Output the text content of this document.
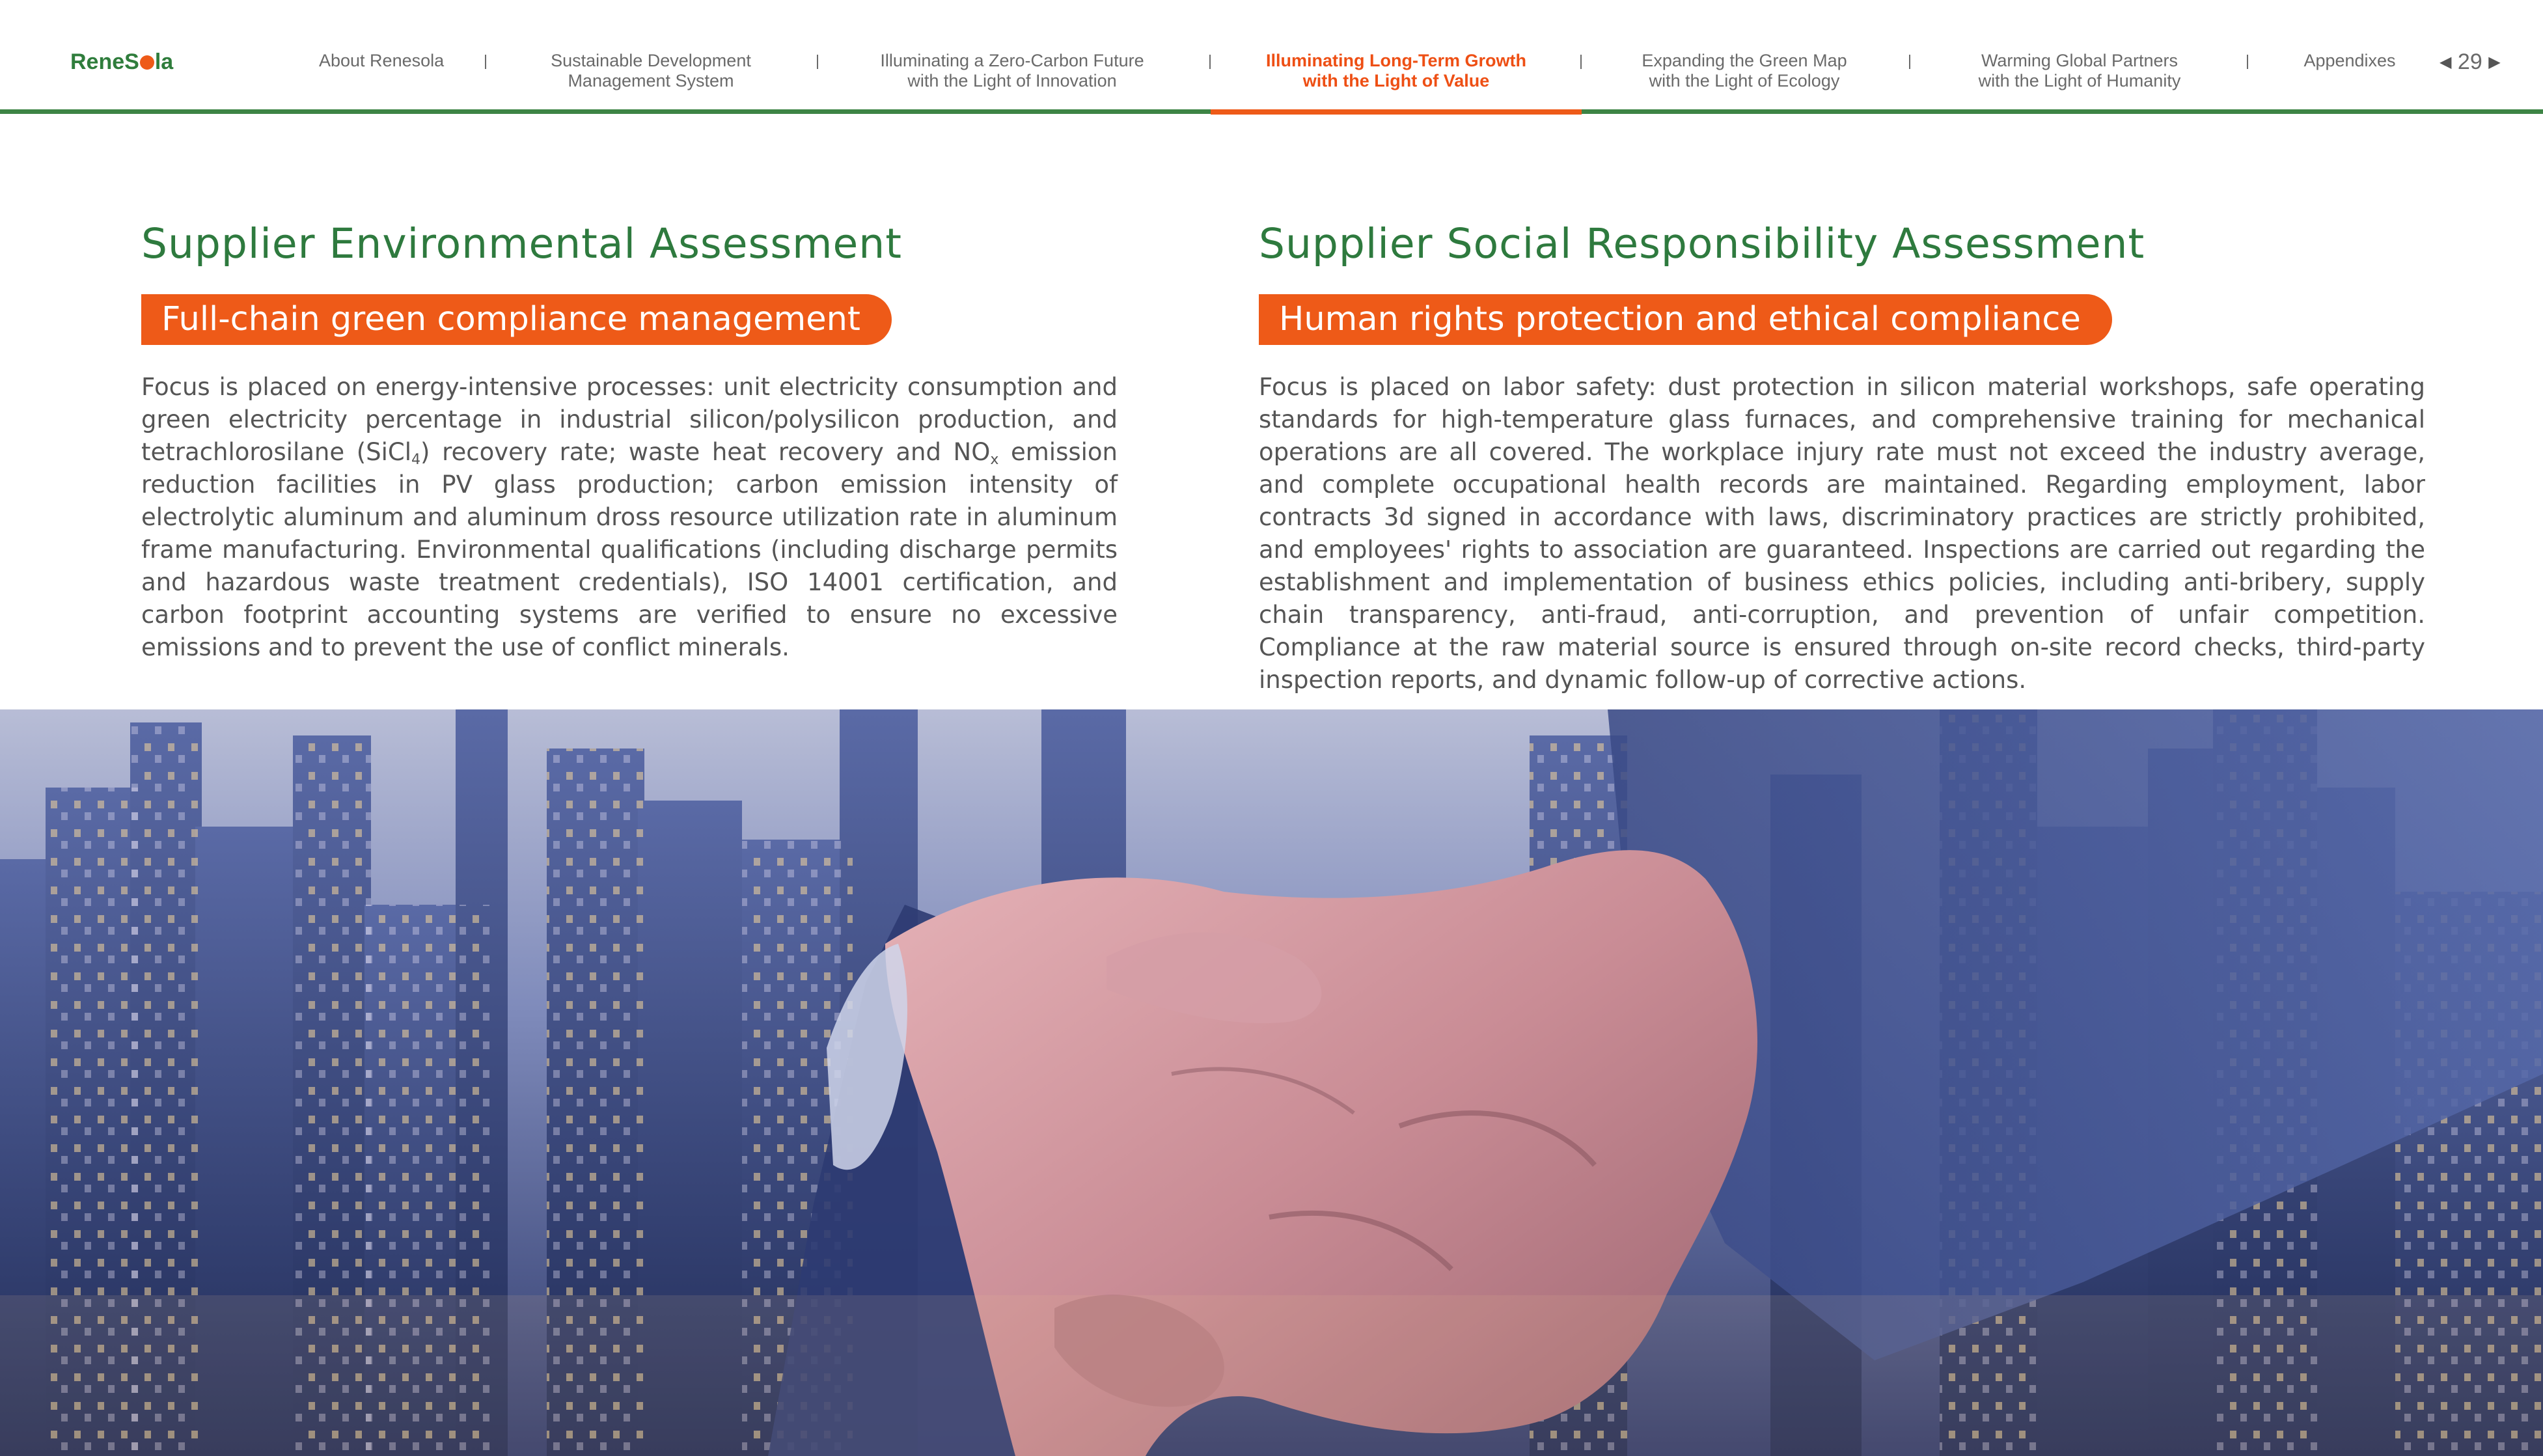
ReneS la	About Renesola	Sustainable Development
Management System
Illuminating a Zero-Carbon Future
with the Light of Innovation
Illuminating Long-Term Growth
with the Light of Value
Expanding the Green Map
with the Light of Ecology
Warming Global Partners
with the Light of Humanity
Appendixes	◀ 29 ▶
Supplier Environmental Assessment
Full-chain green compliance management

Focus is placed on energy-intensive processes: unit electricity consumption and green electricity percentage in industrial silicon/polysilicon production, and tetrachlorosilane (SiCl$_4$) recovery rate; waste heat recovery and $NO_x$ emission reduction facilities in PV glass production; carbon emission intensity of electrolytic aluminum and aluminum dross resource utilization rate in aluminum frame manufacturing. Environmental qualifications (including discharge permits and hazardous waste treatment credentials), ISO 14001 certification, and carbon footprint accounting systems are verified to ensure no excessive emissions and to prevent the use of conflict minerals.

Supplier Social Responsibility Assessment
Human rights protection and ethical compliance

Focus is placed on labor safety: dust protection in silicon material workshops, safe operating standards for high-temperature glass furnaces, and comprehensive training for mechanical operations are all covered. The workplace injury rate must not exceed the industry average, and complete occupational health records are maintained. Regarding employment, labor contracts 3d signed in accordance with laws, discriminatory practices are strictly prohibited, and employees' rights to association are guaranteed. Inspections are carried out regarding the establishment and implementation of business ethics policies, including anti-bribery, supply chain transparency, anti-fraud, anti-corruption, and prevention of unfair competition. Compliance at the raw material source is ensured through on-site record checks, third-party inspection reports, and dynamic follow-up of corrective actions.
